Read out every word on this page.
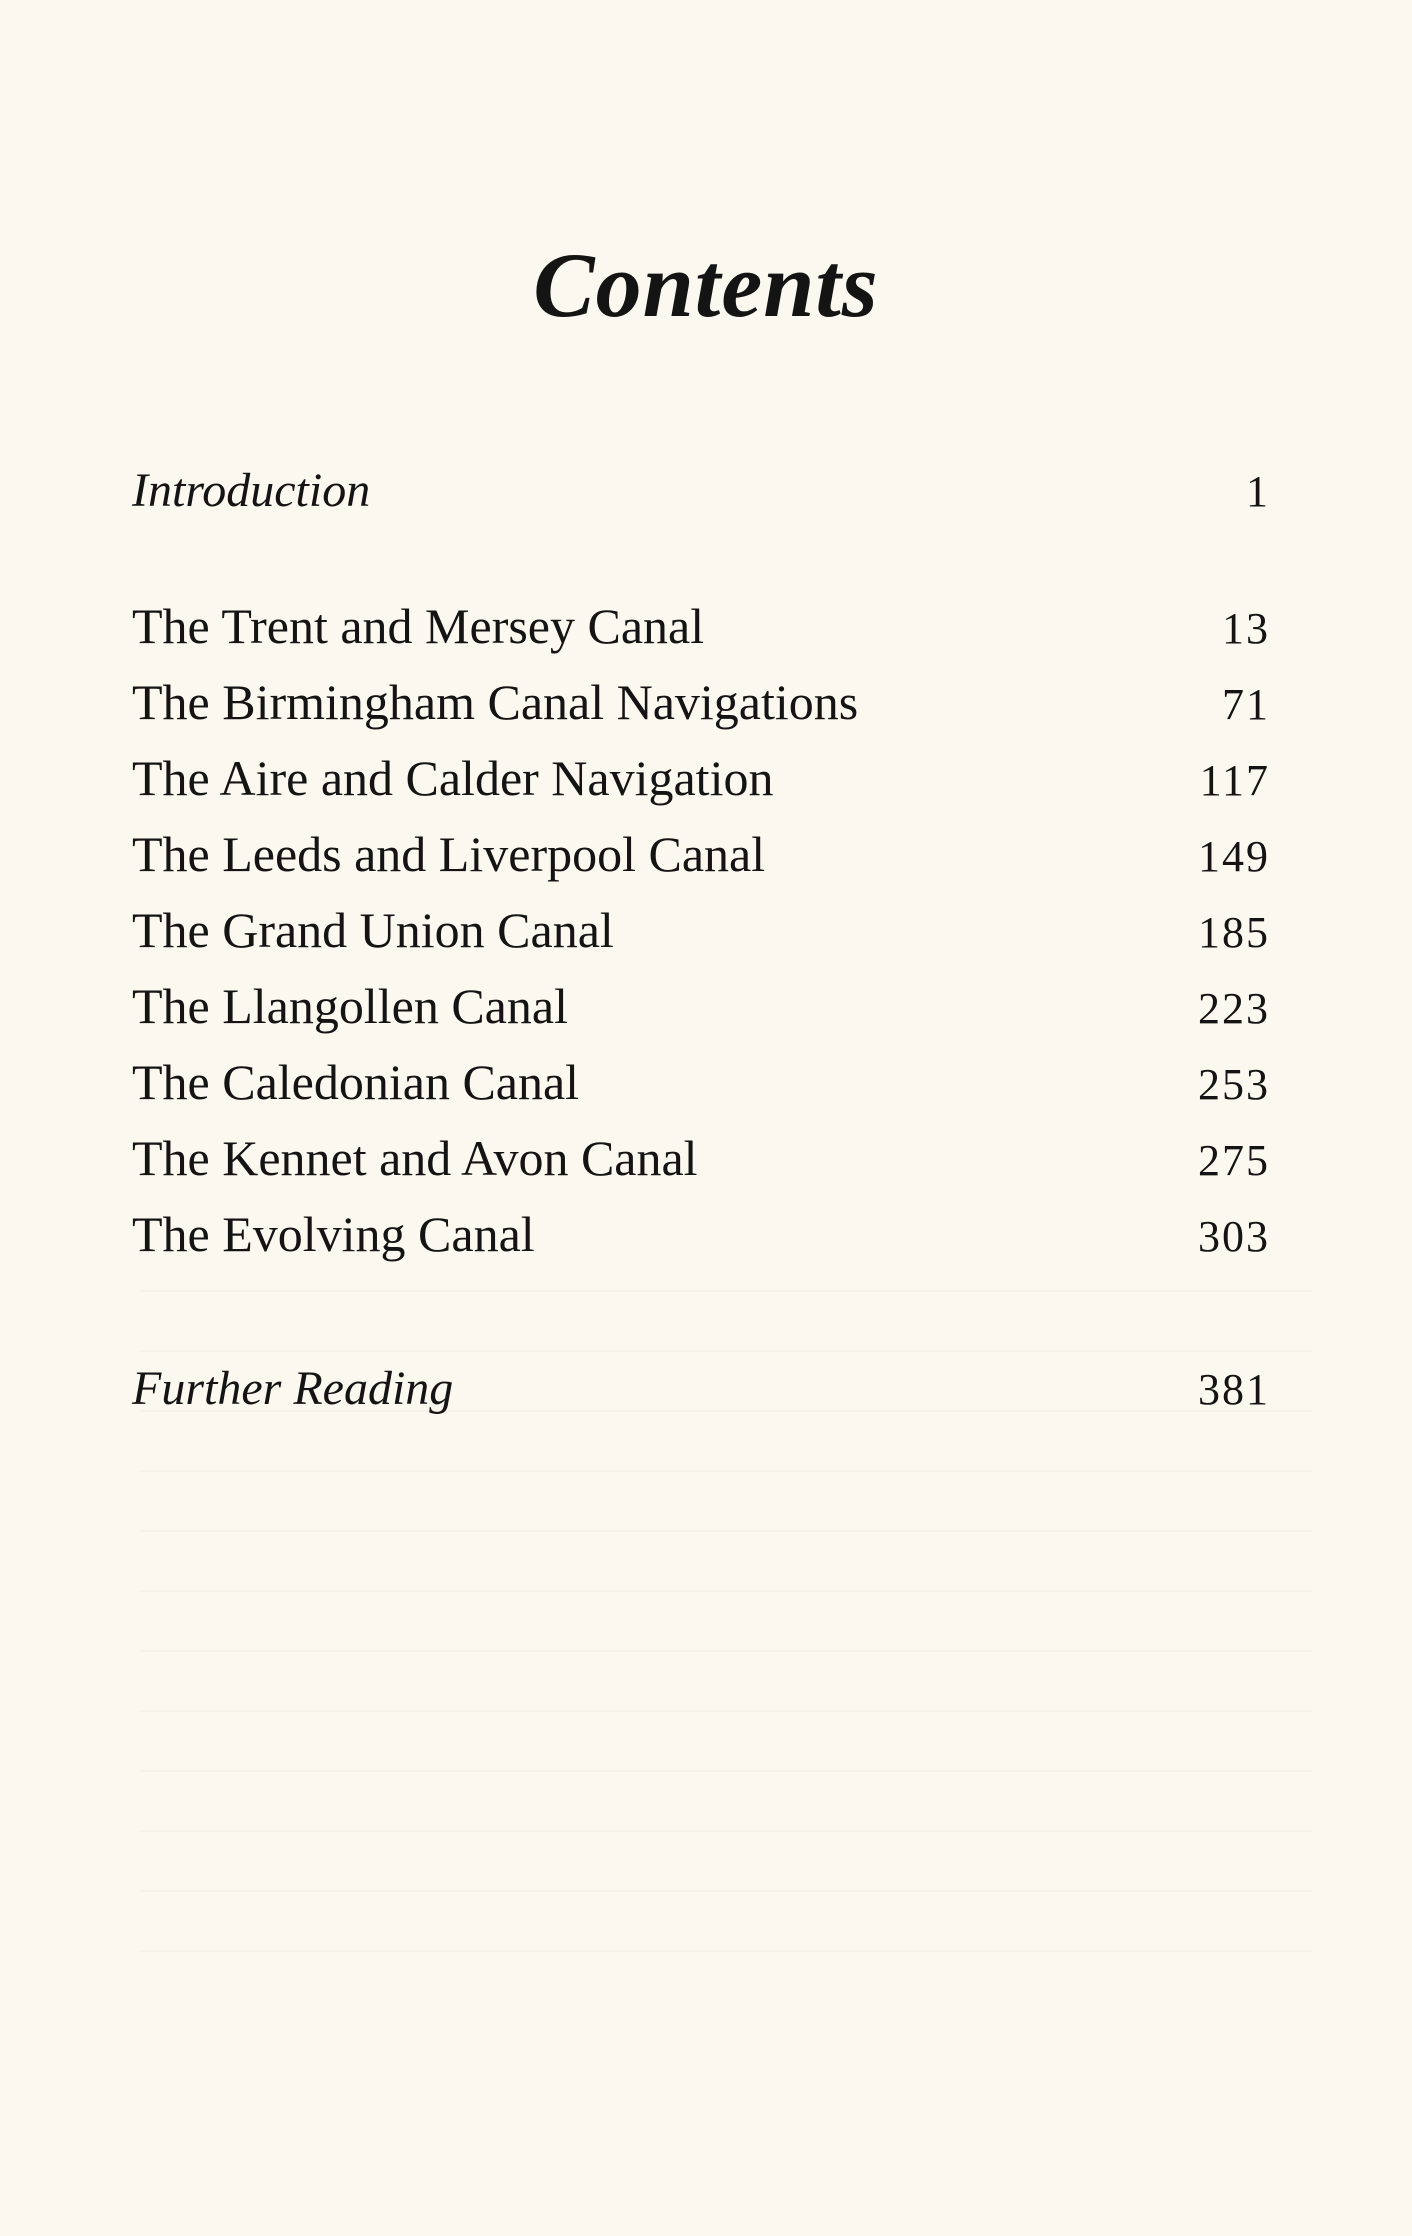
Contents
Introduction	1
The Trent and Mersey Canal	13
The Birmingham Canal Navigations	71
The Aire and Calder Navigation	117
The Leeds and Liverpool Canal	149
The Grand Union Canal	185
The Llangollen Canal	223
The Caledonian Canal	253
The Kennet and Avon Canal	275
The Evolving Canal	303
Further Reading	381
